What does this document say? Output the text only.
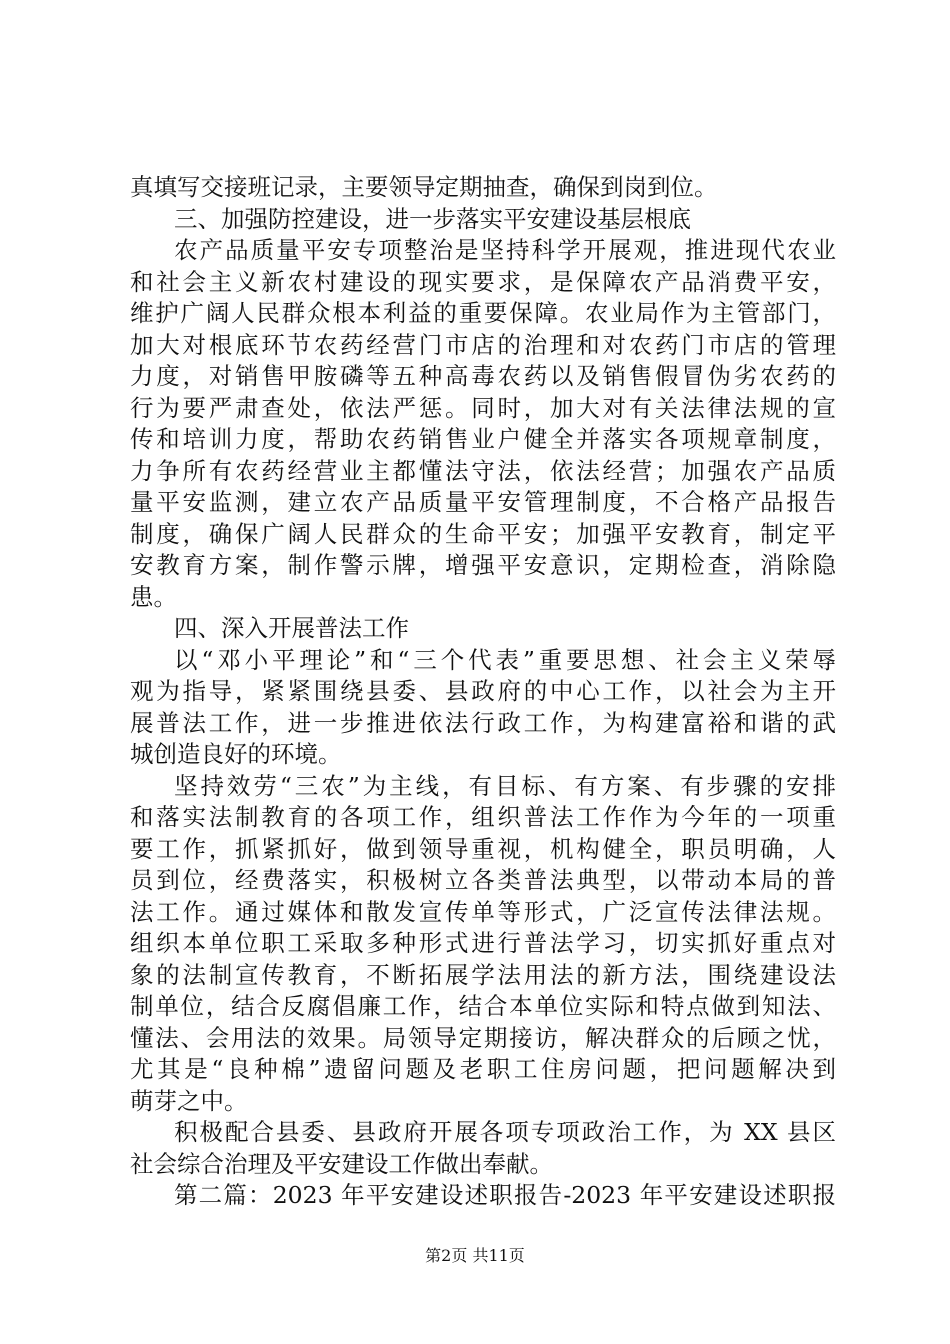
真填写交接班记录，主要领导定期抽查，确保到岗到位。
三、加强防控建设，进一步落实平安建设基层根底
农产品质量平安专项整治是坚持科学开展观，推进现代农业
和社会主义新农村建设的现实要求，是保障农产品消费平安，
维护广阔人民群众根本利益的重要保障。农业局作为主管部门，
加大对根底环节农药经营门市店的治理和对农药门市店的管理
力度，对销售甲胺磷等五种高毒农药以及销售假冒伪劣农药的
行为要严肃查处，依法严惩。同时，加大对有关法律法规的宣
传和培训力度，帮助农药销售业户健全并落实各项规章制度，
力争所有农药经营业主都懂法守法，依法经营；加强农产品质
量平安监测，建立农产品质量平安管理制度，不合格产品报告
制度，确保广阔人民群众的生命平安；加强平安教育，制定平
安教育方案，制作警示牌，增强平安意识，定期检查，消除隐
患。
四、深入开展普法工作
以“邓小平理论”和“三个代表”重要思想、社会主义荣辱
观为指导，紧紧围绕县委、县政府的中心工作，以社会为主开
展普法工作，进一步推进依法行政工作，为构建富裕和谐的武
城创造良好的环境。
坚持效劳“三农”为主线，有目标、有方案、有步骤的安排
和落实法制教育的各项工作，组织普法工作作为今年的一项重
要工作，抓紧抓好，做到领导重视，机构健全，职员明确，人
员到位，经费落实，积极树立各类普法典型，以带动本局的普
法工作。通过媒体和散发宣传单等形式，广泛宣传法律法规。
组织本单位职工采取多种形式进行普法学习，切实抓好重点对
象的法制宣传教育，不断拓展学法用法的新方法，围绕建设法
制单位，结合反腐倡廉工作，结合本单位实际和特点做到知法、
懂法、会用法的效果。局领导定期接访，解决群众的后顾之忧，
尤其是“良种棉”遗留问题及老职工住房问题，把问题解决到
萌芽之中。
积极配合县委、县政府开展各项专项政治工作，为 XX 县区
社会综合治理及平安建设工作做出奉献。
第二篇：2023 年平安建设述职报告-2023 年平安建设述职报
第2页 共11页
